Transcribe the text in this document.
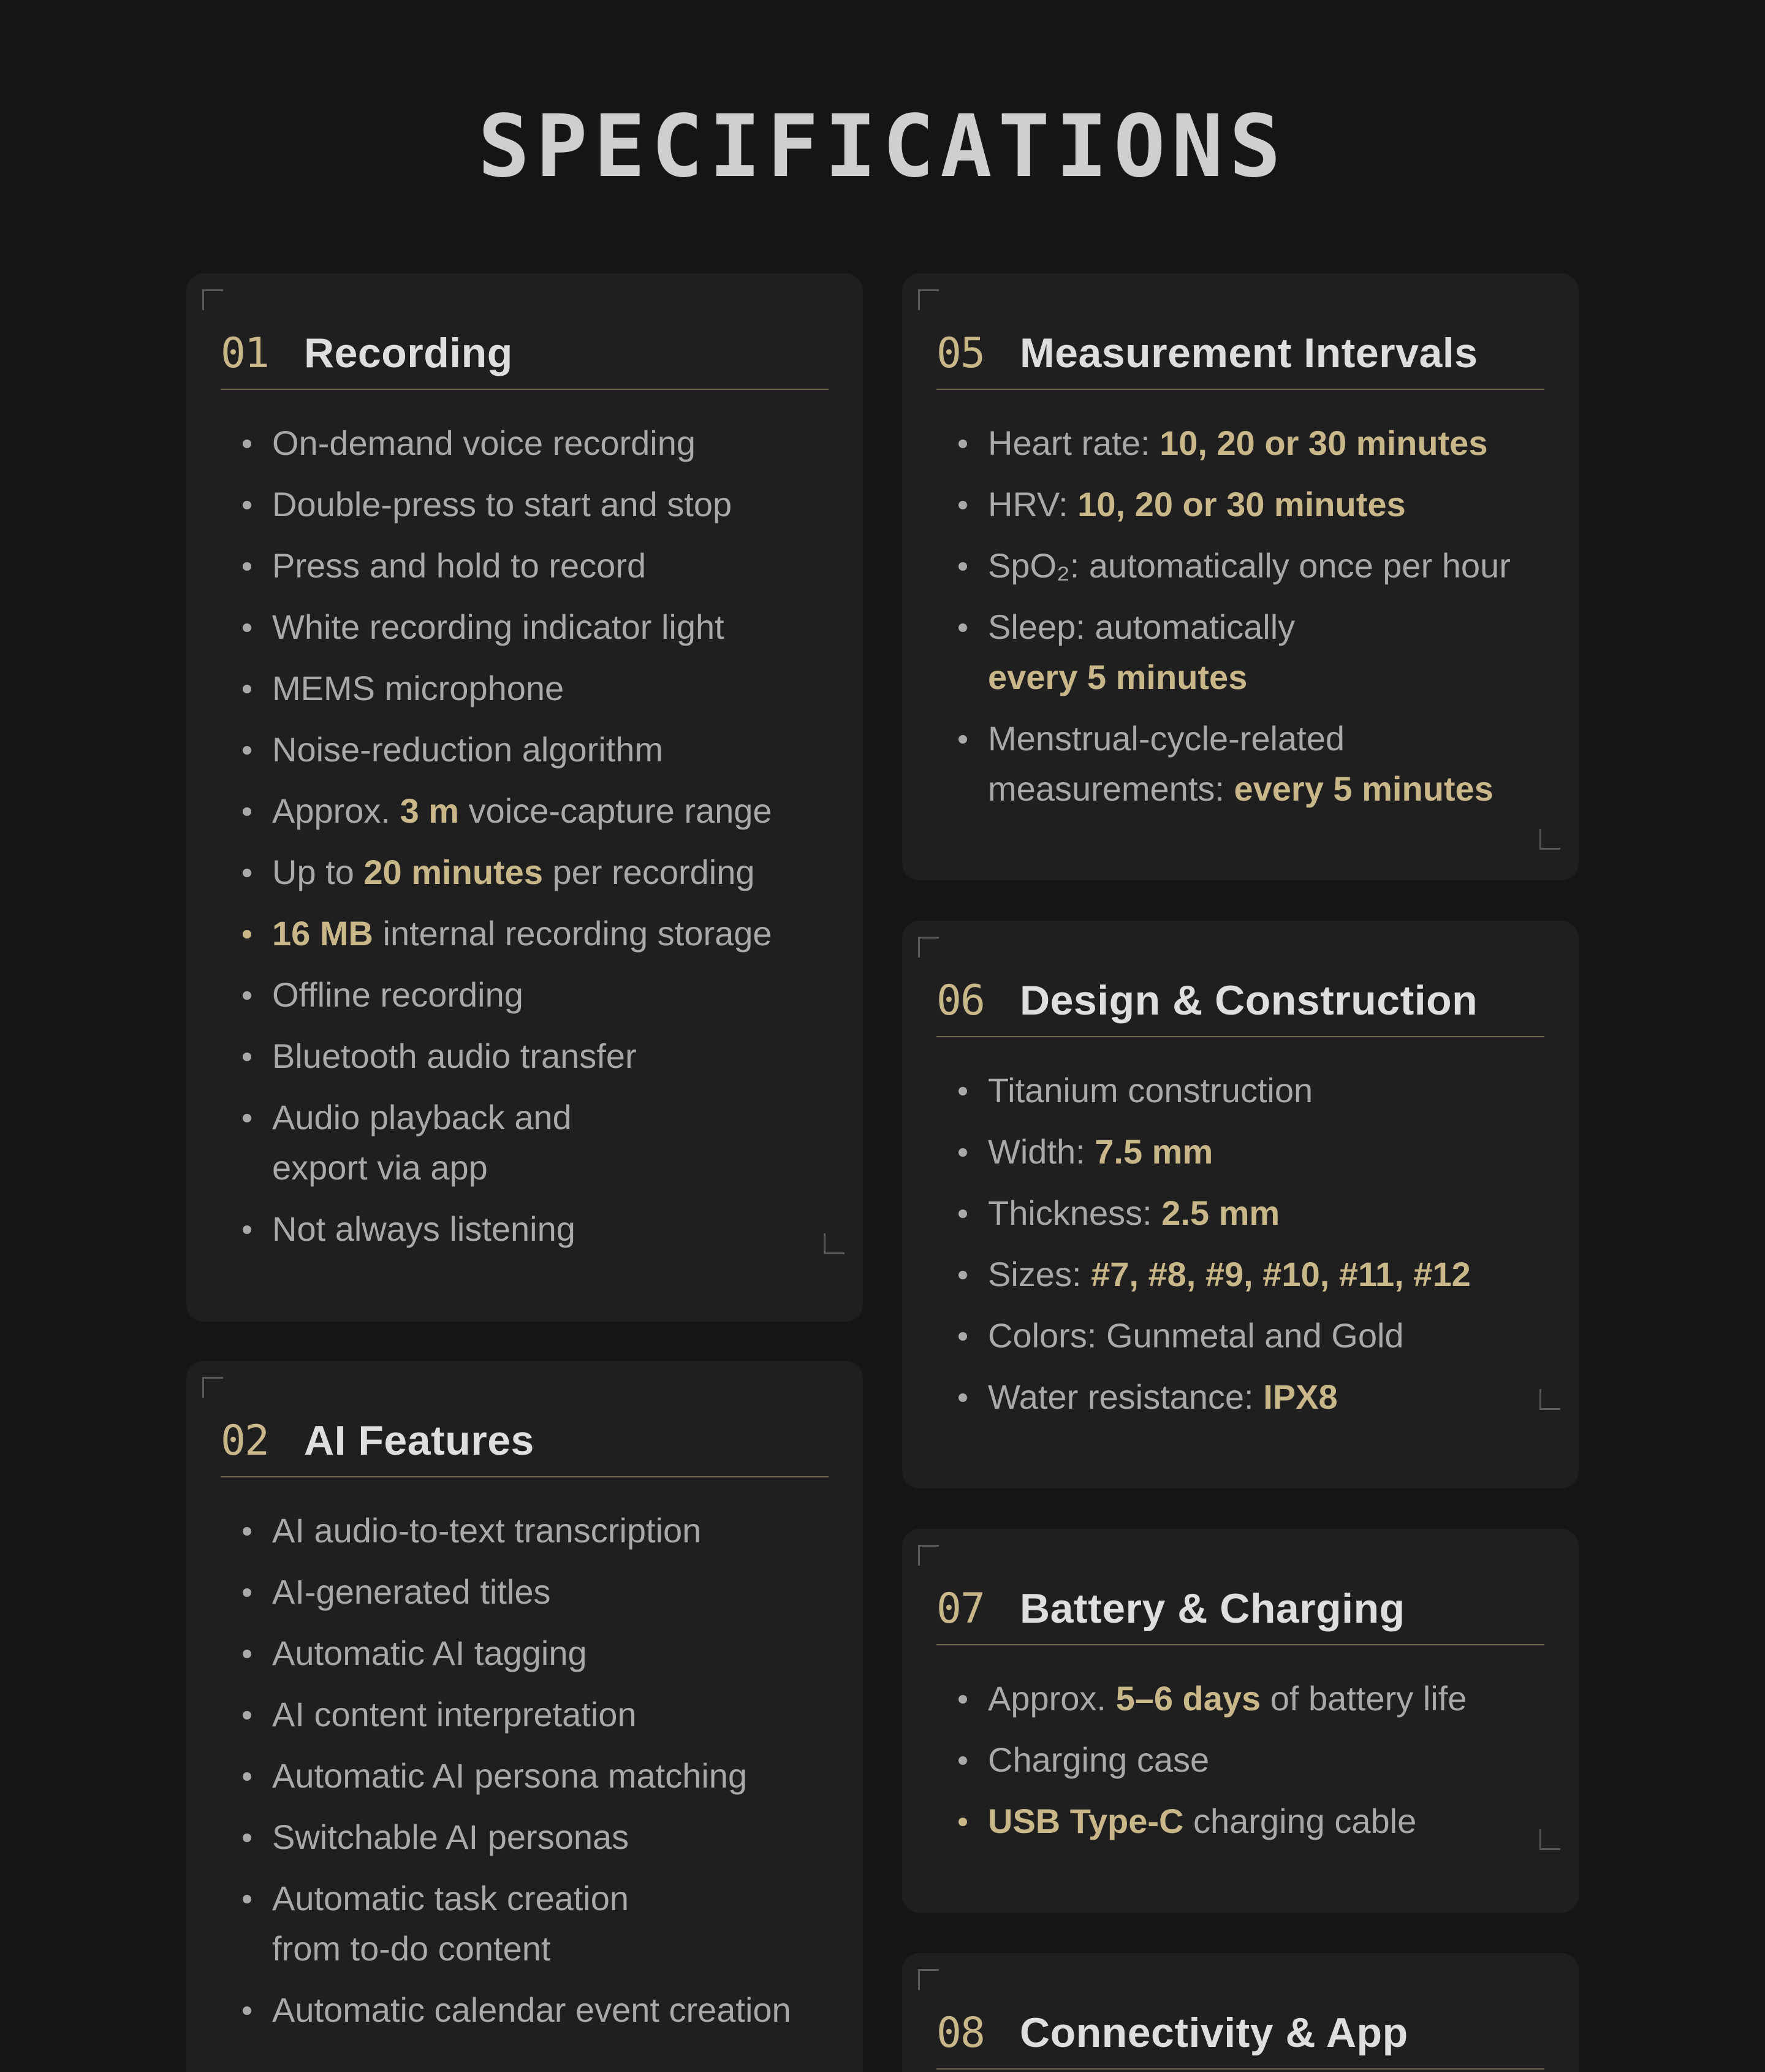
SPECIFICATIONS
01 Recording
On-demand voice recording
Double-press to start and stop
Press and hold to record
White recording indicator light
MEMS microphone
Noise-reduction algorithm
Approx. 3 m voice-capture range
Up to 20 minutes per recording
16 MB internal recording storage
Offline recording
Bluetooth audio transfer
Audio playback and
export via app
Not always listening
02 AI Features
AI audio-to-text transcription
AI-generated titles
Automatic AI tagging
AI content interpretation
Automatic AI persona matching
Switchable AI personas
Automatic task creation
from to-do content
Automatic calendar event creation
05 Measurement Intervals
Heart rate: 10, 20 or 30 minutes
HRV: 10, 20 or 30 minutes
SpO₂: automatically once per hour
Sleep: automatically
every 5 minutes
Menstrual-cycle-related
measurements: every 5 minutes
06 Design & Construction
Titanium construction
Width: 7.5 mm
Thickness: 2.5 mm
Sizes: #7, #8, #9, #10, #11, #12
Colors: Gunmetal and Gold
Water resistance: IPX8
07 Battery & Charging
Approx. 5–6 days of battery life
Charging case
USB Type-C charging cable
08 Connectivity & App
